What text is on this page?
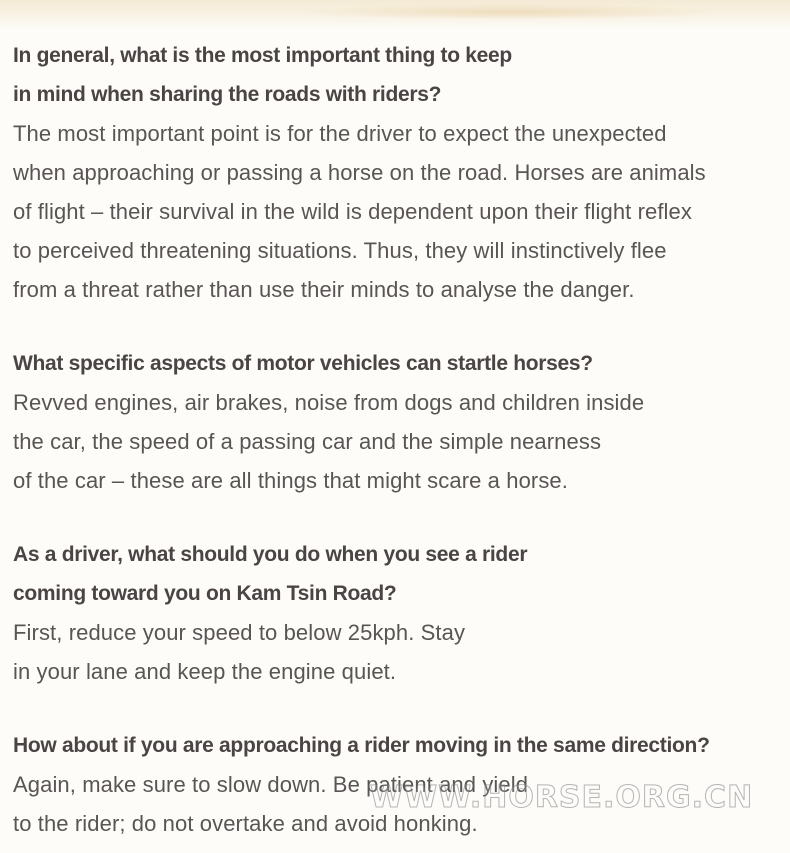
In general, what is the most important thing to keep
in mind when sharing the roads with riders?

The most important point is for the driver to expect the unexpected
when approaching or passing a horse on the road. Horses are animals
of flight – their survival in the wild is dependent upon their flight reflex
to perceived threatening situations. Thus, they will instinctively flee
from a threat rather than use their minds to analyse the danger.

What specific aspects of motor vehicles can startle horses?

Revved engines, air brakes, noise from dogs and children inside
the car, the speed of a passing car and the simple nearness
of the car – these are all things that might scare a horse.

As a driver, what should you do when you see a rider
coming toward you on Kam Tsin Road?

First, reduce your speed to below 25kph. Stay
in your lane and keep the engine quiet.

How about if you are approaching a rider moving in the same direction?

Again, make sure to slow down. Be patient and yield
to the rider; do not overtake and avoid honking.

WWW.HORSE.ORG.CN
